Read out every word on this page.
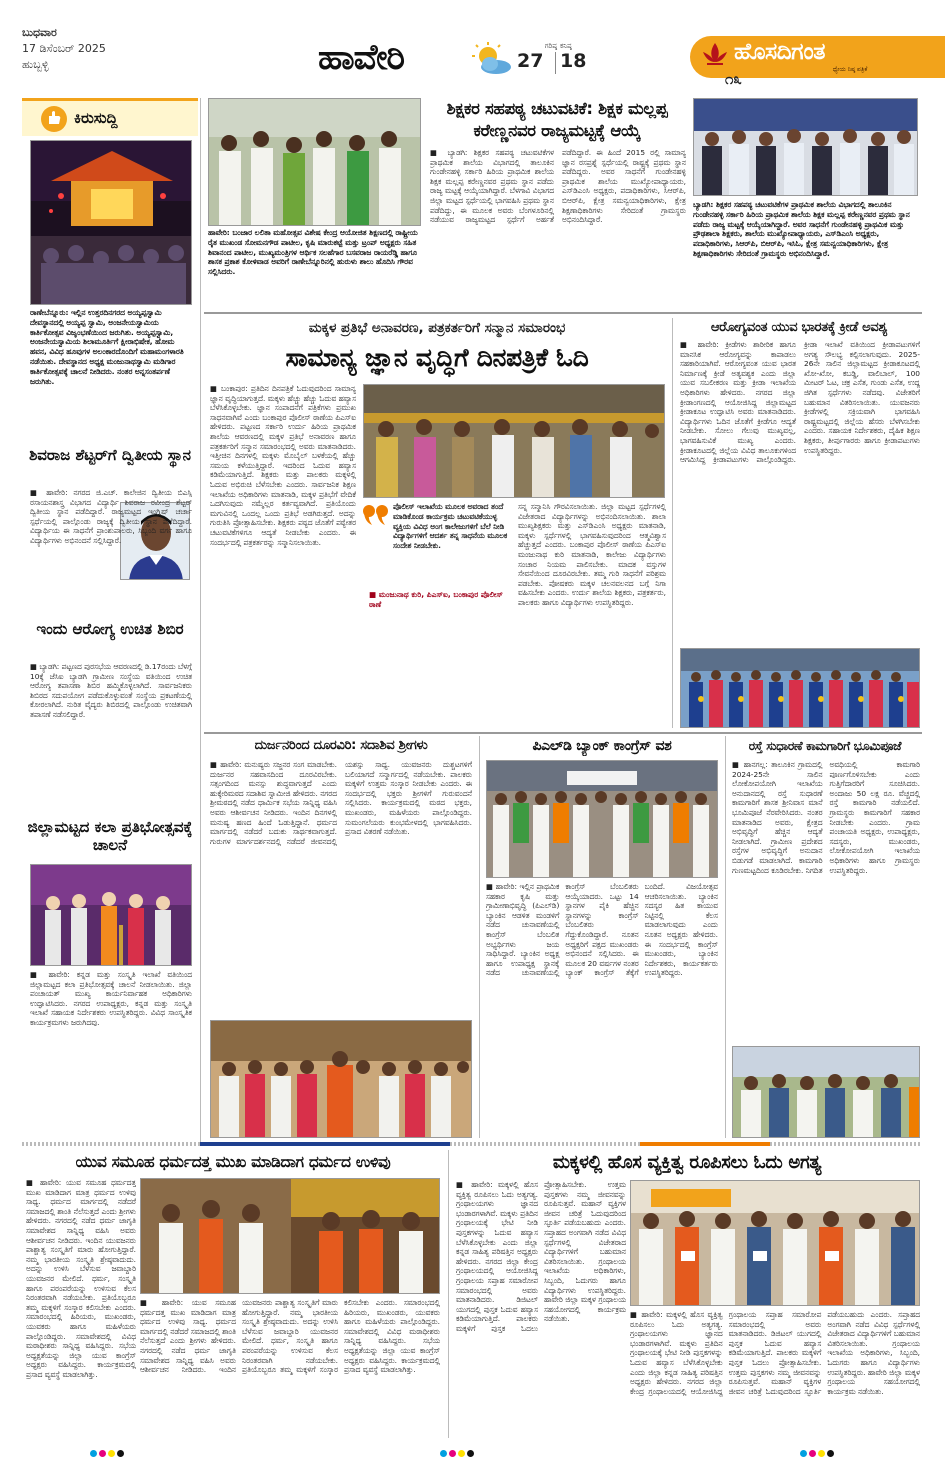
ಬುಧವಾರ
17 ಡಿಸೆಂಬರ್ 2025
ಹುಬ್ಬಳ್ಳಿ	ಹಾವೇರಿ	ಗರಿಷ್ಠ
27
ಕನಿಷ್ಠ
18	ಹೊಸದಿಗಂತ
ಧ್ಯೇಯ ನಿಷ್ಠ ಪತ್ರಿಕೆ
೧೩
ಕಿರುಸುದ್ದಿ
ರಾಣೇಬೆನ್ನೂರು: ಇಲ್ಲಿನ ಉತ್ತರದಿನಗರದ ಅಯ್ಯಪ್ಪಸ್ವಾಮಿ ದೇವಸ್ಥಾನದಲ್ಲಿ ಅಯ್ಯಪ್ಪ ಸ್ವಾಮಿ, ಅಂಜನೇಯಸ್ವಾಮಿಯ ಕಾರ್ತಿಕೋತ್ಸವ ವಿಜೃಂಭಣೆಯಿಂದ ಜರುಗಿತು. ಅಯ್ಯಪ್ಪಸ್ವಾಮಿ, ಅಂಜನೇಯಸ್ವಾಮಿಯ ಶಿಲಾಮೂರ್ತಿಗೆ ಕ್ಷೀರಾಭಿಷೇಕ, ಹೋಮ ಹವನ, ವಿವಿಧ ಹೂವುಗಳ ಅಲಂಕಾರದೊಂದಿಗೆ ಮಹಾಮಂಗಳಾರತಿ ನಡೆಯಿತು. ದೇವಸ್ಥಾನದ ಅಧ್ಯಕ್ಷ ಮಂಜುನಾಥಸ್ವಾಮಿ ಮಡಿಗಾರ ಕಾರ್ತಿಕೋತ್ಸವಕ್ಕೆ ಚಾಲನೆ ನೀಡಿದರು. ನಂತರ ಅನ್ನಸಂತರ್ಪಣೆ ಜರುಗಿತು.
ಶಿವರಾಜ ಶೆಟ್ಟರ್‌ಗೆ ದ್ವಿತೀಯ ಸ್ಥಾನ
■ ಹಾವೇರಿ: ನಗರದ ಜಿ.ಎಚ್. ಕಾಲೇಜಿನ ದ್ವಿತೀಯ ಬಿಎಸ್ಸಿ ರಸಾಯನಶಾಸ್ತ್ರ ವಿಭಾಗದ ವಿದ್ಯಾರ್ಥಿ ಶಿವರಾಜ ರವೀಂದ್ರ ಶೆಟ್ಟರ್ ದ್ವಿತೀಯ ಸ್ಥಾನ ಪಡೆದಿದ್ದಾರೆ. ರಾಜ್ಯಮಟ್ಟದ ಇಂಗ್ಲಿಷ್ ಚರ್ಚಾ ಸ್ಪರ್ಧೆಯಲ್ಲಿ ಪಾಲ್ಗೊಂಡು ರಾಜ್ಯಕ್ಕೆ ದ್ವಿತೀಯ ಸ್ಥಾನ ಪಡೆದಿದ್ದಾರೆ. ವಿದ್ಯಾರ್ಥಿಯ ಈ ಸಾಧನೆಗೆ ಪ್ರಾಂಶುಪಾಲರು, ಸಿಬ್ಬಂದಿ ವರ್ಗ ಹಾಗೂ ವಿದ್ಯಾರ್ಥಿಗಳು ಅಭಿನಂದನೆ ಸಲ್ಲಿಸಿದ್ದಾರೆ.
ಇಂದು ಆರೋಗ್ಯ ಉಚಿತ ಶಿಬಿರ
■ ಬ್ಯಾಡಗಿ: ಪಟ್ಟಣದ ಪುರಸಭೆಯ ಆವರಣದಲ್ಲಿ ಡಿ.17ರಂದು ಬೆಳಗ್ಗೆ 10ಕ್ಕೆ ಜೆಸಿಐ ಬ್ಯಾಡಗಿ ಗ್ರಾಮೀಣ ಸಂಸ್ಥೆಯ ವತಿಯಿಂದ ಉಚಿತ ಆರೋಗ್ಯ ತಪಾಸಣಾ ಶಿಬಿರ ಹಮ್ಮಿಕೊಳ್ಳಲಾಗಿದೆ. ಸಾರ್ವಜನಿಕರು ಶಿಬಿರದ ಸದುಪಯೋಗ ಪಡೆದುಕೊಳ್ಳುವಂತೆ ಸಂಸ್ಥೆಯ ಪ್ರಕಟಣೆಯಲ್ಲಿ ಕೋರಲಾಗಿದೆ. ನುರಿತ ವೈದ್ಯರು ಶಿಬಿರದಲ್ಲಿ ಪಾಲ್ಗೊಂಡು ಉಚಿತವಾಗಿ ತಪಾಸಣೆ ನಡೆಸಲಿದ್ದಾರೆ.
ಜಿಲ್ಲಾಮಟ್ಟದ ಕಲಾ ಪ್ರತಿಭೋತ್ಸವಕ್ಕೆ ಚಾಲನೆ
■ ಹಾವೇರಿ: ಕನ್ನಡ ಮತ್ತು ಸಂಸ್ಕೃತಿ ಇಲಾಖೆ ವತಿಯಿಂದ ಜಿಲ್ಲಾಮಟ್ಟದ ಕಲಾ ಪ್ರತಿಭೋತ್ಸವಕ್ಕೆ ಚಾಲನೆ ನೀಡಲಾಯಿತು. ಜಿಲ್ಲಾ ಪಂಚಾಯತ್ ಮುಖ್ಯ ಕಾರ್ಯನಿರ್ವಾಹಕ ಅಧಿಕಾರಿಗಳು ಉದ್ಘಾಟಿಸಿದರು. ನಗರದ ಉಪಾಧ್ಯಕ್ಷರು, ಕನ್ನಡ ಮತ್ತು ಸಂಸ್ಕೃತಿ ಇಲಾಖೆ ಸಹಾಯಕ ನಿರ್ದೇಶಕರು ಉಪಸ್ಥಿತರಿದ್ದರು. ವಿವಿಧ ಸಾಂಸ್ಕೃತಿಕ ಕಾರ್ಯಕ್ರಮಗಳು ಜರುಗಿದವು.
ಹಾವೇರಿ: ಬಂಜಾರ ಲಲಿತಾ ಮಹೋತ್ಸವ ವಿಶೇಷ ಕೇಂದ್ರ ಆಯೋಜಿತ ಶಿಕ್ಷಣದಲ್ಲಿ ರಾಷ್ಟ್ರೀಯ ರೈತ ಮುಖಂಡ ಸೋಮನಗೌಡ ಪಾಟೀಲ, ಕೃಷಿ ಮಾರುಕಟ್ಟೆ ಮತ್ತು ಟ್ರಂಪ್ ಅಧ್ಯಕ್ಷರು ಸಹಿತ ಶಿವಾನಂದ ಪಾಟೀಲ, ಮುಖ್ಯಮಂತ್ರಿಗಳ ಆರ್ಥಿಕ ಸಲಹೆಗಾರ ಬಸವರಾಜ ರಾಯರೆಡ್ಡಿ ಹಾಗೂ ಶಾಸಕ ಪ್ರಕಾಶ ಕೋಳಿವಾಡ ಅವರಿಗೆ ರಾಣೇಬೆನ್ನೂರಿನಲ್ಲಿ ಹುರುಳು ಶಾಲು ಹೊದಿಸಿ ಗೌರವ ಸಲ್ಲಿಸಿದರು.
ಶಿಕ್ಷಕರ ಸಹಪಠ್ಯ ಚಟುವಟಿಕೆ: ಶಿಕ್ಷಕ ಮಲ್ಲಪ್ಪ ಕರೇಣ್ಣನವರ ರಾಜ್ಯಮಟ್ಟಕ್ಕೆ ಆಯ್ಕೆ
■ ಬ್ಯಾಡಗಿ: ಶಿಕ್ಷಕರ ಸಹಪಠ್ಯ ಚಟುವಟಿಕೆಗಳ ಪ್ರಾಥಮಿಕ ಶಾಲೆಯ ವಿಭಾಗದಲ್ಲಿ ತಾಲೂಕಿನ ಗುಂಡೇನಹಳ್ಳಿ ಸರ್ಕಾರಿ ಹಿರಿಯ ಪ್ರಾಥಮಿಕ ಶಾಲೆಯ ಶಿಕ್ಷಕ ಮಲ್ಲಪ್ಪ ಕರೇಣ್ಣನವರ ಪ್ರಥಮ ಸ್ಥಾನ ಪಡೆದು ರಾಜ್ಯ ಮಟ್ಟಕ್ಕೆ ಆಯ್ಕೆಯಾಗಿದ್ದಾರೆ. ಬೆಳಗಾವಿ ವಿಭಾಗದ ಜಿಲ್ಲಾ ಮಟ್ಟದ ಸ್ಪರ್ಧೆಯಲ್ಲಿ ಭಾಗವಹಿಸಿ ಪ್ರಥಮ ಸ್ಥಾನ ಪಡೆದಿದ್ದು, ಈ ಮೂಲಕ ಅವರು ಬೆಂಗಳೂರಿನಲ್ಲಿ ನಡೆಯುವ ರಾಜ್ಯಮಟ್ಟದ ಸ್ಪರ್ಧೆಗೆ ಅರ್ಹತೆ ಪಡೆದಿದ್ದಾರೆ. ಈ ಹಿಂದೆ 2015 ರಲ್ಲಿ ಸಾಮಾನ್ಯ ಜ್ಞಾನ ರಸಪ್ರಶ್ನೆ ಸ್ಪರ್ಧೆಯಲ್ಲಿ ರಾಷ್ಟ್ರಕ್ಕೆ ಪ್ರಥಮ ಸ್ಥಾನ ಪಡೆದಿದ್ದರು. ಅವರ ಸಾಧನೆಗೆ ಗುಂಡೇನಹಳ್ಳಿ ಪ್ರಾಥಮಿಕ ಶಾಲೆಯ ಮುಖ್ಯೋಪಾಧ್ಯಾಯರು, ಎಸ್‌ಡಿಎಂಸಿ ಅಧ್ಯಕ್ಷರು, ಪದಾಧಿಕಾರಿಗಳು, ಸಿಆರ್‌ಪಿ, ಬಿಆರ್‌ಪಿ, ಕ್ಷೇತ್ರ ಸಮನ್ವಯಾಧಿಕಾರಿಗಳು, ಕ್ಷೇತ್ರ ಶಿಕ್ಷಣಾಧಿಕಾರಿಗಳು ಸೇರಿದಂತೆ ಗ್ರಾಮಸ್ಥರು ಅಭಿನಂದಿಸಿದ್ದಾರೆ.
ಬ್ಯಾಡಗಿ: ಶಿಕ್ಷಕರ ಸಹಪಠ್ಯ ಚಟುವಟಿಕೆಗಳ ಪ್ರಾಥಮಿಕ ಶಾಲೆಯ ವಿಭಾಗದಲ್ಲಿ ತಾಲೂಕಿನ ಗುಂಡೇನಹಳ್ಳಿ ಸರ್ಕಾರಿ ಹಿರಿಯ ಪ್ರಾಥಮಿಕ ಶಾಲೆಯ ಶಿಕ್ಷಕ ಮಲ್ಲಪ್ಪ ಕರೇಣ್ಣನವರ ಪ್ರಥಮ ಸ್ಥಾನ ಪಡೆದು ರಾಜ್ಯ ಮಟ್ಟಕ್ಕೆ ಆಯ್ಕೆಯಾಗಿದ್ದಾರೆ. ಅವರ ಸಾಧನೆಗೆ ಗುಂಡೇನಹಳ್ಳಿ ಪ್ರಾಥಮಿಕ ಮತ್ತು ಪ್ರೌಢಶಾಲಾ ಶಿಕ್ಷಕರು, ಶಾಲೆಯ ಮುಖ್ಯೋಪಾಧ್ಯಾಯರು, ಎಸ್‌ಡಿಎಂಸಿ ಅಧ್ಯಕ್ಷರು, ಪದಾಧಿಕಾರಿಗಳು, ಸಿಆರ್‌ಪಿ, ಬಿಆರ್‌ಪಿ, ಇಸಿಓ, ಕ್ಷೇತ್ರ ಸಮನ್ವಯಾಧಿಕಾರಿಗಳು, ಕ್ಷೇತ್ರ ಶಿಕ್ಷಣಾಧಿಕಾರಿಗಳು ಸೇರಿದಂತೆ ಗ್ರಾಮಸ್ಥರು ಅಭಿನಂದಿಸಿದ್ದಾರೆ.
ಮಕ್ಕಳ ಪ್ರತಿಭೆ ಅನಾವರಣ, ಪತ್ರಕರ್ತರಿಗೆ ಸನ್ಮಾನ ಸಮಾರಂಭ
ಸಾಮಾನ್ಯ ಜ್ಞಾನ ವೃದ್ಧಿಗೆ ದಿನಪತ್ರಿಕೆ ಓದಿ
■ ಬಂಕಾಪುರ: ಪ್ರತಿದಿನ ದಿನಪತ್ರಿಕೆ ಓದುವುದರಿಂದ ಸಾಮಾನ್ಯ ಜ್ಞಾನ ವೃದ್ಧಿಯಾಗುತ್ತದೆ. ಮಕ್ಕಳು ಹೆಚ್ಚು ಹೆಚ್ಚು ಓದುವ ಹವ್ಯಾಸ ಬೆಳೆಸಿಕೊಳ್ಳಬೇಕು. ಜ್ಞಾನ ಸಂಪಾದನೆಗೆ ಪತ್ರಿಕೆಗಳು ಪ್ರಮುಖ ಸಾಧನವಾಗಿವೆ ಎಂದು ಬಂಕಾಪುರ ಪೊಲೀಸ್ ಠಾಣೆಯ ಪಿಎಸ್ಐ ಹೇಳಿದರು. ಪಟ್ಟಣದ ಸರ್ಕಾರಿ ಉರ್ದು ಹಿರಿಯ ಪ್ರಾಥಮಿಕ ಶಾಲೆಯ ಆವರಣದಲ್ಲಿ ಮಕ್ಕಳ ಪ್ರತಿಭೆ ಅನಾವರಣ ಹಾಗೂ ಪತ್ರಕರ್ತರಿಗೆ ಸನ್ಮಾನ ಸಮಾರಂಭದಲ್ಲಿ ಅವರು ಮಾತನಾಡಿದರು. ಇತ್ತೀಚಿನ ದಿನಗಳಲ್ಲಿ ಮಕ್ಕಳು ಮೊಬೈಲ್ ಬಳಕೆಯಲ್ಲಿ ಹೆಚ್ಚು ಸಮಯ ಕಳೆಯುತ್ತಿದ್ದಾರೆ. ಇದರಿಂದ ಓದುವ ಹವ್ಯಾಸ ಕಡಿಮೆಯಾಗುತ್ತಿದೆ. ಶಿಕ್ಷಕರು ಮತ್ತು ಪಾಲಕರು ಮಕ್ಕಳಲ್ಲಿ ಓದುವ ಅಭಿರುಚಿ ಬೆಳೆಸಬೇಕು ಎಂದರು. ಸಾರ್ವಜನಿಕ ಶಿಕ್ಷಣ ಇಲಾಖೆಯ ಅಧಿಕಾರಿಗಳು ಮಾತನಾಡಿ, ಮಕ್ಕಳ ಪ್ರತಿಭೆಗೆ ವೇದಿಕೆ ಒದಗಿಸುವುದು ನಮ್ಮೆಲ್ಲರ ಕರ್ತವ್ಯವಾಗಿದೆ. ಪ್ರತಿಯೊಂದು ಮಗುವಿನಲ್ಲಿ ಒಂದಲ್ಲ ಒಂದು ಪ್ರತಿಭೆ ಅಡಗಿರುತ್ತದೆ. ಅದನ್ನು ಗುರುತಿಸಿ ಪ್ರೋತ್ಸಾಹಿಸಬೇಕು. ಶಿಕ್ಷಕರು ಪಠ್ಯದ ಜೊತೆಗೆ ಪಠ್ಯೇತರ ಚಟುವಟಿಕೆಗಳಿಗೂ ಆದ್ಯತೆ ನೀಡಬೇಕು ಎಂದರು. ಈ ಸಂದರ್ಭದಲ್ಲಿ ಪತ್ರಕರ್ತರನ್ನು ಸನ್ಮಾನಿಸಲಾಯಿತು.
ಪೊಲೀಸ್ ಇಲಾಖೆಯ ಮೂಲಕ ಅವರಾದ ತಂದೆ ಮಾಡಿಕೊಂಡ ಕಾರ್ಯಕ್ರಮ ಚಟುವಟಿಕೆಯುಳ್ಳ ವ್ಯಕ್ತಿಯ ವಿವಿಧ ಅಂಗ ಕಾಲೇಜುಗಳಿಗೆ ಬೆಲೆ ನೀಡಿ ವಿದ್ಯಾರ್ಥಿಗಳಿಗೆ ಆದರ್ಶ ತನ್ನ ಸಾಧನೆಯ ಮೂಲಕ ಸಂದೇಶ ನೀಡಬೇಕು.
■ ಮಂಜುನಾಥ ಕುರಿ, ಪಿಎಸ್ಐ, ಬಂಕಾಪುರ ಪೊಲೀಸ್ ಠಾಣೆ
ಸನ್ನ ಸನ್ಮಾನಿಸಿ ಗೌರವಿಸಲಾಯಿತು. ಜಿಲ್ಲಾ ಮಟ್ಟದ ಸ್ಪರ್ಧೆಗಳಲ್ಲಿ ವಿಜೇತರಾದ ವಿದ್ಯಾರ್ಥಿಗಳನ್ನು ಅಭಿನಂದಿಸಲಾಯಿತು. ಶಾಲಾ ಮುಖ್ಯಶಿಕ್ಷಕರು ಮತ್ತು ಎಸ್‌ಡಿಎಂಸಿ ಅಧ್ಯಕ್ಷರು ಮಾತನಾಡಿ, ಮಕ್ಕಳು ಸ್ಪರ್ಧೆಗಳಲ್ಲಿ ಭಾಗವಹಿಸುವುದರಿಂದ ಆತ್ಮವಿಶ್ವಾಸ ಹೆಚ್ಚುತ್ತದೆ ಎಂದರು. ಬಂಕಾಪುರ ಪೊಲೀಸ್ ಠಾಣೆಯ ಪಿಎಸ್ಐ ಮಂಜುನಾಥ ಕುರಿ ಮಾತನಾಡಿ, ಕಾಲೇಜು ವಿದ್ಯಾರ್ಥಿಗಳು ಸಂಚಾರ ನಿಯಮ ಪಾಲಿಸಬೇಕು. ಮಾದಕ ವಸ್ತುಗಳ ಸೇವನೆಯಿಂದ ದೂರವಿರಬೇಕು. ತಮ್ಮ ಗುರಿ ಸಾಧನೆಗೆ ಪರಿಶ್ರಮ ಪಡಬೇಕು. ಪೋಷಕರು ಮಕ್ಕಳ ಚಲನವಲನದ ಬಗ್ಗೆ ನಿಗಾ ವಹಿಸಬೇಕು ಎಂದರು. ಉರ್ದು ಶಾಲೆಯ ಶಿಕ್ಷಕರು, ಪತ್ರಕರ್ತರು, ಪಾಲಕರು ಹಾಗೂ ವಿದ್ಯಾರ್ಥಿಗಳು ಉಪಸ್ಥಿತರಿದ್ದರು.
ಆರೋಗ್ಯವಂತ ಯುವ ಭಾರತಕ್ಕೆ ಕ್ರೀಡೆ ಅವಶ್ಯ
■ ಹಾವೇರಿ: ಕ್ರೀಡೆಗಳು ಶಾರೀರಿಕ ಹಾಗೂ ಮಾನಸಿಕ ಆರೋಗ್ಯವನ್ನು ಕಾಪಾಡಲು ಸಹಕಾರಿಯಾಗಿವೆ. ಆರೋಗ್ಯವಂತ ಯುವ ಭಾರತ ನಿರ್ಮಾಣಕ್ಕೆ ಕ್ರೀಡೆ ಅತ್ಯವಶ್ಯಕ ಎಂದು ಜಿಲ್ಲಾ ಯುವ ಸಬಲೀಕರಣ ಮತ್ತು ಕ್ರೀಡಾ ಇಲಾಖೆಯ ಅಧಿಕಾರಿಗಳು ಹೇಳಿದರು. ನಗರದ ಜಿಲ್ಲಾ ಕ್ರೀಡಾಂಗಣದಲ್ಲಿ ಆಯೋಜಿಸಿದ್ದ ಜಿಲ್ಲಾಮಟ್ಟದ ಕ್ರೀಡಾಕೂಟ ಉದ್ಘಾಟಿಸಿ ಅವರು ಮಾತನಾಡಿದರು. ವಿದ್ಯಾರ್ಥಿಗಳು ಓದಿನ ಜೊತೆಗೆ ಕ್ರೀಡೆಗೂ ಆದ್ಯತೆ ನೀಡಬೇಕು. ಸೋಲು ಗೆಲುವು ಮುಖ್ಯವಲ್ಲ, ಭಾಗವಹಿಸುವಿಕೆ ಮುಖ್ಯ ಎಂದರು. ಕ್ರೀಡಾಕೂಟದಲ್ಲಿ ಜಿಲ್ಲೆಯ ವಿವಿಧ ತಾಲೂಕುಗಳಿಂದ ಆಗಮಿಸಿದ್ದ ಕ್ರೀಡಾಪಟುಗಳು ಪಾಲ್ಗೊಂಡಿದ್ದರು. ಕ್ರೀಡಾ ಇಲಾಖೆ ವತಿಯಿಂದ ಕ್ರೀಡಾಪಟುಗಳಿಗೆ ಅಗತ್ಯ ಸೌಲಭ್ಯ ಕಲ್ಪಿಸಲಾಗುವುದು. 2025-26ನೇ ಸಾಲಿನ ಜಿಲ್ಲಾಮಟ್ಟದ ಕ್ರೀಡಾಕೂಟದಲ್ಲಿ ಖೋ-ಖೋ, ಕಬಡ್ಡಿ, ವಾಲಿಬಾಲ್, 100 ಮೀಟರ್ ಓಟ, ಚಕ್ರ ಎಸೆತ, ಗುಂಡು ಎಸೆತ, ಉದ್ದ ಜಿಗಿತ ಸ್ಪರ್ಧೆಗಳು ನಡೆದವು. ವಿಜೇತರಿಗೆ ಬಹುಮಾನ ವಿತರಿಸಲಾಯಿತು. ಯುವಜನರು ಕ್ರೀಡೆಗಳಲ್ಲಿ ಸಕ್ರಿಯವಾಗಿ ಭಾಗವಹಿಸಿ ರಾಷ್ಟ್ರಮಟ್ಟದಲ್ಲಿ ಜಿಲ್ಲೆಯ ಹೆಸರು ಬೆಳಗಿಸಬೇಕು ಎಂದರು. ಸಹಾಯಕ ನಿರ್ದೇಶಕರು, ದೈಹಿಕ ಶಿಕ್ಷಣ ಶಿಕ್ಷಕರು, ತೀರ್ಪುಗಾರರು ಹಾಗೂ ಕ್ರೀಡಾಪಟುಗಳು ಉಪಸ್ಥಿತರಿದ್ದರು.
ದುರ್ಜನರಿಂದ ದೂರವಿರಿ: ಸದಾಶಿವ ಶ್ರೀಗಳು
■ ಹಾವೇರಿ: ಮನುಷ್ಯರು ಸಜ್ಜನರ ಸಂಗ ಮಾಡಬೇಕು. ದುರ್ಜನರ ಸಹವಾಸದಿಂದ ದೂರವಿರಬೇಕು. ಸತ್ಸಂಗದಿಂದ ಮನಸ್ಸು ಶುದ್ಧವಾಗುತ್ತದೆ ಎಂದು ಹುಕ್ಕೇರಿಮಠದ ಸದಾಶಿವ ಸ್ವಾಮೀಜಿ ಹೇಳಿದರು. ನಗರದ ಶ್ರೀಮಠದಲ್ಲಿ ನಡೆದ ಧಾರ್ಮಿಕ ಸಭೆಯ ಸಾನ್ನಿಧ್ಯ ವಹಿಸಿ ಅವರು ಆಶೀರ್ವಚನ ನೀಡಿದರು. ಇಂದಿನ ದಿನಗಳಲ್ಲಿ ಮನುಷ್ಯ ಹಣದ ಹಿಂದೆ ಓಡುತ್ತಿದ್ದಾನೆ. ಧರ್ಮದ ಮಾರ್ಗದಲ್ಲಿ ನಡೆದರೆ ಬದುಕು ಸಾರ್ಥಕವಾಗುತ್ತದೆ. ಗುರುಗಳ ಮಾರ್ಗದರ್ಶನದಲ್ಲಿ ನಡೆದರೆ ಜೀವನದಲ್ಲಿ ಯಶಸ್ಸು ಸಾಧ್ಯ. ಯುವಜನರು ದುಶ್ಚಟಗಳಿಗೆ ಬಲಿಯಾಗದೆ ಸನ್ಮಾರ್ಗದಲ್ಲಿ ನಡೆಯಬೇಕು. ಪಾಲಕರು ಮಕ್ಕಳಿಗೆ ಉತ್ತಮ ಸಂಸ್ಕಾರ ನೀಡಬೇಕು ಎಂದರು. ಈ ಸಂದರ್ಭದಲ್ಲಿ ಭಕ್ತರು ಶ್ರೀಗಳಿಗೆ ಗುರುವಂದನೆ ಸಲ್ಲಿಸಿದರು. ಕಾರ್ಯಕ್ರಮದಲ್ಲಿ ಮಠದ ಭಕ್ತರು, ಮುಖಂಡರು, ಮಹಿಳೆಯರು ಪಾಲ್ಗೊಂಡಿದ್ದರು. ಸುಮಂಗಲೆಯರು ಕುಂಭಮೇಳದಲ್ಲಿ ಭಾಗವಹಿಸಿದರು. ಪ್ರಸಾದ ವಿತರಣೆ ನಡೆಯಿತು.
ಪಿಎಲ್‌ಡಿ ಬ್ಯಾಂಕ್ ಕಾಂಗ್ರೆಸ್ ವಶ
■ ಹಾವೇರಿ: ಇಲ್ಲಿನ ಪ್ರಾಥಮಿಕ ಸಹಕಾರ ಕೃಷಿ ಮತ್ತು ಗ್ರಾಮೀಣಾಭಿವೃದ್ಧಿ (ಪಿಎಲ್‌ಡಿ) ಬ್ಯಾಂಕಿನ ಆಡಳಿತ ಮಂಡಳಿಗೆ ನಡೆದ ಚುನಾವಣೆಯಲ್ಲಿ ಕಾಂಗ್ರೆಸ್ ಬೆಂಬಲಿತ ಅಭ್ಯರ್ಥಿಗಳು ಜಯ ಸಾಧಿಸಿದ್ದಾರೆ. ಬ್ಯಾಂಕಿನ ಅಧ್ಯಕ್ಷ ಹಾಗೂ ಉಪಾಧ್ಯಕ್ಷ ಸ್ಥಾನಕ್ಕೆ ನಡೆದ ಚುನಾವಣೆಯಲ್ಲಿ ಕಾಂಗ್ರೆಸ್ ಬೆಂಬಲಿತರು ಆಯ್ಕೆಯಾದರು. ಒಟ್ಟು 14 ಸ್ಥಾನಗಳ ಪೈಕಿ ಹೆಚ್ಚಿನ ಸ್ಥಾನಗಳನ್ನು ಕಾಂಗ್ರೆಸ್ ಬೆಂಬಲಿತರು ಗೆದ್ದುಕೊಂಡಿದ್ದಾರೆ. ನೂತನ ಅಧ್ಯಕ್ಷರಿಗೆ ಪಕ್ಷದ ಮುಖಂಡರು ಅಭಿನಂದನೆ ಸಲ್ಲಿಸಿದರು. ಈ ಮೂಲಕ 20 ವರ್ಷಗಳ ನಂತರ ಬ್ಯಾಂಕ್ ಕಾಂಗ್ರೆಸ್ ತೆಕ್ಕೆಗೆ ಬಂದಿದೆ. ವಿಜಯೋತ್ಸವ ಆಚರಿಸಲಾಯಿತು. ಬ್ಯಾಂಕಿನ ಸದಸ್ಯರ ಹಿತ ಕಾಯುವ ನಿಟ್ಟಿನಲ್ಲಿ ಕೆಲಸ ಮಾಡಲಾಗುವುದು ಎಂದು ನೂತನ ಅಧ್ಯಕ್ಷರು ಹೇಳಿದರು. ಈ ಸಂದರ್ಭದಲ್ಲಿ ಕಾಂಗ್ರೆಸ್ ಮುಖಂಡರು, ಬ್ಯಾಂಕಿನ ನಿರ್ದೇಶಕರು, ಕಾರ್ಯಕರ್ತರು ಉಪಸ್ಥಿತರಿದ್ದರು.
ರಸ್ತೆ ಸುಧಾರಣೆ ಕಾಮಗಾರಿಗೆ ಭೂಮಿಪೂಜೆ
■ ಹಾನಗಲ್ಲ: ತಾಲೂಕಿನ ಗ್ರಾಮದಲ್ಲಿ 2024-25ನೇ ಸಾಲಿನ ಲೋಕೋಪಯೋಗಿ ಇಲಾಖೆಯ ಅನುದಾನದಲ್ಲಿ ರಸ್ತೆ ಸುಧಾರಣೆ ಕಾಮಗಾರಿಗೆ ಶಾಸಕ ಶ್ರೀನಿವಾಸ ಮಾನೆ ಭೂಮಿಪೂಜೆ ನೆರವೇರಿಸಿದರು. ನಂತರ ಮಾತನಾಡಿದ ಅವರು, ಕ್ಷೇತ್ರದ ಅಭಿವೃದ್ಧಿಗೆ ಹೆಚ್ಚಿನ ಆದ್ಯತೆ ನೀಡಲಾಗಿದೆ. ಗ್ರಾಮೀಣ ಪ್ರದೇಶದ ರಸ್ತೆಗಳ ಅಭಿವೃದ್ಧಿಗೆ ಅನುದಾನ ಬಿಡುಗಡೆ ಮಾಡಲಾಗಿದೆ. ಕಾಮಗಾರಿ ಗುಣಮಟ್ಟದಿಂದ ಕೂಡಿರಬೇಕು. ನಿಗದಿತ ಅವಧಿಯಲ್ಲಿ ಕಾಮಗಾರಿ ಪೂರ್ಣಗೊಳಿಸಬೇಕು ಎಂದು ಗುತ್ತಿಗೆದಾರರಿಗೆ ಸೂಚಿಸಿದರು. ಅಂದಾಜು 50 ಲಕ್ಷ ರೂ. ವೆಚ್ಚದಲ್ಲಿ ರಸ್ತೆ ಕಾಮಗಾರಿ ನಡೆಯಲಿದೆ. ಗ್ರಾಮಸ್ಥರು ಕಾಮಗಾರಿಗೆ ಸಹಕಾರ ನೀಡಬೇಕು ಎಂದರು. ಗ್ರಾಮ ಪಂಚಾಯತಿ ಅಧ್ಯಕ್ಷರು, ಉಪಾಧ್ಯಕ್ಷರು, ಸದಸ್ಯರು, ಮುಖಂಡರು, ಲೋಕೋಪಯೋಗಿ ಇಲಾಖೆಯ ಅಧಿಕಾರಿಗಳು ಹಾಗೂ ಗ್ರಾಮಸ್ಥರು ಉಪಸ್ಥಿತರಿದ್ದರು.
ಯುವ ಸಮೂಹ ಧರ್ಮದತ್ತ ಮುಖ ಮಾಡಿದಾಗ ಧರ್ಮದ ಉಳಿವು
■ ಹಾವೇರಿ: ಯುವ ಸಮೂಹ ಧರ್ಮದತ್ತ ಮುಖ ಮಾಡಿದಾಗ ಮಾತ್ರ ಧರ್ಮದ ಉಳಿವು ಸಾಧ್ಯ. ಧರ್ಮದ ಮಾರ್ಗದಲ್ಲಿ ನಡೆದರೆ ಸಮಾಜದಲ್ಲಿ ಶಾಂತಿ ನೆಲೆಸುತ್ತದೆ ಎಂದು ಶ್ರೀಗಳು ಹೇಳಿದರು. ನಗರದಲ್ಲಿ ನಡೆದ ಧರ್ಮ ಜಾಗೃತಿ ಸಮಾವೇಶದ ಸಾನ್ನಿಧ್ಯ ವಹಿಸಿ ಅವರು ಆಶೀರ್ವಚನ ನೀಡಿದರು. ಇಂದಿನ ಯುವಜನರು ಪಾಶ್ಚಾತ್ಯ ಸಂಸ್ಕೃತಿಗೆ ಮಾರು ಹೋಗುತ್ತಿದ್ದಾರೆ. ನಮ್ಮ ಭಾರತೀಯ ಸಂಸ್ಕೃತಿ ಶ್ರೇಷ್ಠವಾದುದು. ಅದನ್ನು ಉಳಿಸಿ ಬೆಳೆಸುವ ಜವಾಬ್ದಾರಿ ಯುವಜನರ ಮೇಲಿದೆ. ಧರ್ಮ, ಸಂಸ್ಕೃತಿ ಹಾಗೂ ಪರಂಪರೆಯನ್ನು ಉಳಿಸುವ ಕೆಲಸ ನಿರಂತರವಾಗಿ ನಡೆಯಬೇಕು. ಪ್ರತಿಯೊಬ್ಬರೂ ತಮ್ಮ ಮಕ್ಕಳಿಗೆ ಸಂಸ್ಕಾರ ಕಲಿಸಬೇಕು ಎಂದರು. ಸಮಾರಂಭದಲ್ಲಿ ಹಿರಿಯರು, ಮುಖಂಡರು, ಯುವಕರು ಹಾಗೂ ಮಹಿಳೆಯರು ಪಾಲ್ಗೊಂಡಿದ್ದರು. ಸಮಾವೇಶದಲ್ಲಿ ವಿವಿಧ ಮಠಾಧೀಶರು ಸಾನ್ನಿಧ್ಯ ವಹಿಸಿದ್ದರು. ಸಭೆಯ ಅಧ್ಯಕ್ಷತೆಯನ್ನು ಜಿಲ್ಲಾ ಯುವ ಕಾಂಗ್ರೆಸ್ ಅಧ್ಯಕ್ಷರು ವಹಿಸಿದ್ದರು. ಕಾರ್ಯಕ್ರಮದಲ್ಲಿ ಪ್ರಸಾದ ವ್ಯವಸ್ಥೆ ಮಾಡಲಾಗಿತ್ತು.
■ ಹಾವೇರಿ: ಯುವ ಸಮೂಹ ಧರ್ಮದತ್ತ ಮುಖ ಮಾಡಿದಾಗ ಮಾತ್ರ ಧರ್ಮದ ಉಳಿವು ಸಾಧ್ಯ. ಧರ್ಮದ ಮಾರ್ಗದಲ್ಲಿ ನಡೆದರೆ ಸಮಾಜದಲ್ಲಿ ಶಾಂತಿ ನೆಲೆಸುತ್ತದೆ ಎಂದು ಶ್ರೀಗಳು ಹೇಳಿದರು. ನಗರದಲ್ಲಿ ನಡೆದ ಧರ್ಮ ಜಾಗೃತಿ ಸಮಾವೇಶದ ಸಾನ್ನಿಧ್ಯ ವಹಿಸಿ ಅವರು ಆಶೀರ್ವಚನ ನೀಡಿದರು. ಇಂದಿನ ಯುವಜನರು ಪಾಶ್ಚಾತ್ಯ ಸಂಸ್ಕೃತಿಗೆ ಮಾರು ಹೋಗುತ್ತಿದ್ದಾರೆ. ನಮ್ಮ ಭಾರತೀಯ ಸಂಸ್ಕೃತಿ ಶ್ರೇಷ್ಠವಾದುದು. ಅದನ್ನು ಉಳಿಸಿ ಬೆಳೆಸುವ ಜವಾಬ್ದಾರಿ ಯುವಜನರ ಮೇಲಿದೆ. ಧರ್ಮ, ಸಂಸ್ಕೃತಿ ಹಾಗೂ ಪರಂಪರೆಯನ್ನು ಉಳಿಸುವ ಕೆಲಸ ನಿರಂತರವಾಗಿ ನಡೆಯಬೇಕು. ಪ್ರತಿಯೊಬ್ಬರೂ ತಮ್ಮ ಮಕ್ಕಳಿಗೆ ಸಂಸ್ಕಾರ ಕಲಿಸಬೇಕು ಎಂದರು. ಸಮಾರಂಭದಲ್ಲಿ ಹಿರಿಯರು, ಮುಖಂಡರು, ಯುವಕರು ಹಾಗೂ ಮಹಿಳೆಯರು ಪಾಲ್ಗೊಂಡಿದ್ದರು. ಸಮಾವೇಶದಲ್ಲಿ ವಿವಿಧ ಮಠಾಧೀಶರು ಸಾನ್ನಿಧ್ಯ ವಹಿಸಿದ್ದರು. ಸಭೆಯ ಅಧ್ಯಕ್ಷತೆಯನ್ನು ಜಿಲ್ಲಾ ಯುವ ಕಾಂಗ್ರೆಸ್ ಅಧ್ಯಕ್ಷರು ವಹಿಸಿದ್ದರು. ಕಾರ್ಯಕ್ರಮದಲ್ಲಿ ಪ್ರಸಾದ ವ್ಯವಸ್ಥೆ ಮಾಡಲಾಗಿತ್ತು.
ಮಕ್ಕಳಲ್ಲಿ ಹೊಸ ವ್ಯಕ್ತಿತ್ವ ರೂಪಿಸಲು ಓದು ಅಗತ್ಯ
■ ಹಾವೇರಿ: ಮಕ್ಕಳಲ್ಲಿ ಹೊಸ ವ್ಯಕ್ತಿತ್ವ ರೂಪಿಸಲು ಓದು ಅತ್ಯಗತ್ಯ. ಗ್ರಂಥಾಲಯಗಳು ಜ್ಞಾನದ ಭಂಡಾರಗಳಾಗಿವೆ. ಮಕ್ಕಳು ಪ್ರತಿದಿನ ಗ್ರಂಥಾಲಯಕ್ಕೆ ಭೇಟಿ ನೀಡಿ ಪುಸ್ತಕಗಳನ್ನು ಓದುವ ಹವ್ಯಾಸ ಬೆಳೆಸಿಕೊಳ್ಳಬೇಕು ಎಂದು ಜಿಲ್ಲಾ ಕನ್ನಡ ಸಾಹಿತ್ಯ ಪರಿಷತ್ತಿನ ಅಧ್ಯಕ್ಷರು ಹೇಳಿದರು. ನಗರದ ಜಿಲ್ಲಾ ಕೇಂದ್ರ ಗ್ರಂಥಾಲಯದಲ್ಲಿ ಆಯೋಜಿಸಿದ್ದ ಗ್ರಂಥಾಲಯ ಸಪ್ತಾಹ ಸಮಾರೋಪ ಸಮಾರಂಭದಲ್ಲಿ ಅವರು ಮಾತನಾಡಿದರು. ಡಿಜಿಟಲ್ ಯುಗದಲ್ಲಿ ಪುಸ್ತಕ ಓದುವ ಹವ್ಯಾಸ ಕಡಿಮೆಯಾಗುತ್ತಿದೆ. ಪಾಲಕರು ಮಕ್ಕಳಿಗೆ ಪುಸ್ತಕ ಓದಲು ಪ್ರೋತ್ಸಾಹಿಸಬೇಕು. ಉತ್ತಮ ಪುಸ್ತಕಗಳು ನಮ್ಮ ಜೀವನವನ್ನು ರೂಪಿಸುತ್ತವೆ. ಮಹಾನ್ ವ್ಯಕ್ತಿಗಳ ಜೀವನ ಚರಿತ್ರೆ ಓದುವುದರಿಂದ ಸ್ಫೂರ್ತಿ ಪಡೆಯಬಹುದು ಎಂದರು. ಸಪ್ತಾಹದ ಅಂಗವಾಗಿ ನಡೆದ ವಿವಿಧ ಸ್ಪರ್ಧೆಗಳಲ್ಲಿ ವಿಜೇತರಾದ ವಿದ್ಯಾರ್ಥಿಗಳಿಗೆ ಬಹುಮಾನ ವಿತರಿಸಲಾಯಿತು. ಗ್ರಂಥಾಲಯ ಇಲಾಖೆಯ ಅಧಿಕಾರಿಗಳು, ಸಿಬ್ಬಂದಿ, ಓದುಗರು ಹಾಗೂ ವಿದ್ಯಾರ್ಥಿಗಳು ಉಪಸ್ಥಿತರಿದ್ದರು. ಹಾವೇರಿ ಜಿಲ್ಲಾ ಮಕ್ಕಳ ಗ್ರಂಥಾಲಯ ಸಹಯೋಗದಲ್ಲಿ ಕಾರ್ಯಕ್ರಮ ನಡೆಯಿತು.	■ ಹಾವೇರಿ: ಮಕ್ಕಳಲ್ಲಿ ಹೊಸ ವ್ಯಕ್ತಿತ್ವ ರೂಪಿಸಲು ಓದು ಅತ್ಯಗತ್ಯ. ಗ್ರಂಥಾಲಯಗಳು ಜ್ಞಾನದ ಭಂಡಾರಗಳಾಗಿವೆ. ಮಕ್ಕಳು ಪ್ರತಿದಿನ ಗ್ರಂಥಾಲಯಕ್ಕೆ ಭೇಟಿ ನೀಡಿ ಪುಸ್ತಕಗಳನ್ನು ಓದುವ ಹವ್ಯಾಸ ಬೆಳೆಸಿಕೊಳ್ಳಬೇಕು ಎಂದು ಜಿಲ್ಲಾ ಕನ್ನಡ ಸಾಹಿತ್ಯ ಪರಿಷತ್ತಿನ ಅಧ್ಯಕ್ಷರು ಹೇಳಿದರು. ನಗರದ ಜಿಲ್ಲಾ ಕೇಂದ್ರ ಗ್ರಂಥಾಲಯದಲ್ಲಿ ಆಯೋಜಿಸಿದ್ದ ಗ್ರಂಥಾಲಯ ಸಪ್ತಾಹ ಸಮಾರೋಪ ಸಮಾರಂಭದಲ್ಲಿ ಅವರು ಮಾತನಾಡಿದರು. ಡಿಜಿಟಲ್ ಯುಗದಲ್ಲಿ ಪುಸ್ತಕ ಓದುವ ಹವ್ಯಾಸ ಕಡಿಮೆಯಾಗುತ್ತಿದೆ. ಪಾಲಕರು ಮಕ್ಕಳಿಗೆ ಪುಸ್ತಕ ಓದಲು ಪ್ರೋತ್ಸಾಹಿಸಬೇಕು. ಉತ್ತಮ ಪುಸ್ತಕಗಳು ನಮ್ಮ ಜೀವನವನ್ನು ರೂಪಿಸುತ್ತವೆ. ಮಹಾನ್ ವ್ಯಕ್ತಿಗಳ ಜೀವನ ಚರಿತ್ರೆ ಓದುವುದರಿಂದ ಸ್ಫೂರ್ತಿ ಪಡೆಯಬಹುದು ಎಂದರು. ಸಪ್ತಾಹದ ಅಂಗವಾಗಿ ನಡೆದ ವಿವಿಧ ಸ್ಪರ್ಧೆಗಳಲ್ಲಿ ವಿಜೇತರಾದ ವಿದ್ಯಾರ್ಥಿಗಳಿಗೆ ಬಹುಮಾನ ವಿತರಿಸಲಾಯಿತು. ಗ್ರಂಥಾಲಯ ಇಲಾಖೆಯ ಅಧಿಕಾರಿಗಳು, ಸಿಬ್ಬಂದಿ, ಓದುಗರು ಹಾಗೂ ವಿದ್ಯಾರ್ಥಿಗಳು ಉಪಸ್ಥಿತರಿದ್ದರು. ಹಾವೇರಿ ಜಿಲ್ಲಾ ಮಕ್ಕಳ ಗ್ರಂಥಾಲಯ ಸಹಯೋಗದಲ್ಲಿ ಕಾರ್ಯಕ್ರಮ ನಡೆಯಿತು.
